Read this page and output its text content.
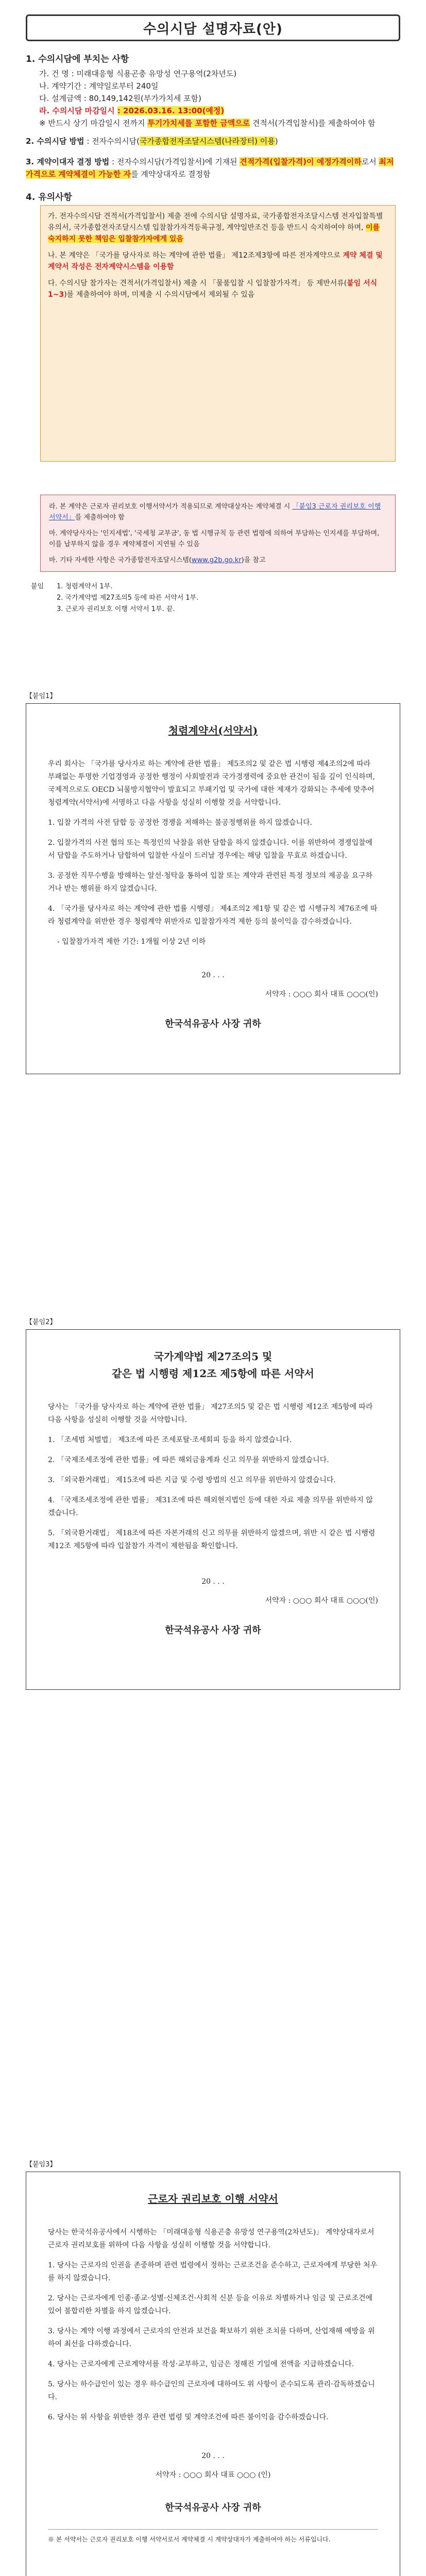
수의시담 설명자료(안)
1. 수의시담에 부치는 사항
가. 건 명 : 미래대응형 식용곤충 유망성 연구용역(2차년도)
나. 계약기간 : 계약일로부터 240일
다. 설계금액 : 80,149,142원(부가가치세 포함)
라. 수의시담 마감일시 : 2026.03.16. 13:00(예정)
※ 반드시 상기 마감일시 전까지 투기가치세를 포함한 금액으로 견적서(가격입찰서)를 제출하여야 함
2. 수의시담 방법 : 전자수의시담(국가종합전자조달시스템(나라장터) 이용)
3. 계약이대자 결정 방법 : 전자수의시담(가격입찰서)에 기재된 견적가격(입찰가격)이 예정가격이하로서 최저가격으로 계약체결이 가능한 자를 계약상대자로 결정함
4. 유의사항

가. 전자수의시담 견적서(가격입찰서) 제출 전에 수의시담 설명자료, 국가종합전자조달시스템 전자입찰특별유의서, 국가종합전자조달시스템 입찰참가자격등록규정, 계약일반조건 등을 반드시 숙지하여야 하며, 이를 숙지하지 못한 책임은 입찰참가자에게 있음

나. 본 계약은 「국가를 당사자로 하는 계약에 관한 법률」 제12조제3항에 따른 전자계약으로 계약 체결 및 계약서 작성은 전자계약시스템을 이용함

다. 수의시담 참가자는 견적서(가격입찰서) 제출 시 「물품입찰 시 입찰참가자격」 등 제반서류(붙임 서식 1~3)를 제출하여야 하며, 미제출 시 수의시담에서 제외될 수 있음

라. 본 계약은 근로자 권리보호 이행서약서가 적용되므로 계약대상자는 계약체결 시 「붙임3 근로자 권리보호 이행 서약서」를 제출하여야 함

마. 계약당사자는 '인지세법', '국세청 교부금', 동 법 시행규칙 등 관련 법령에 의하여 부담하는 인지세를 부담하며, 이를 납부하지 않을 경우 계약체결이 지연될 수 있음

바. 기타 자세한 사항은 국가종합전자조달시스템(www.g2b.go.kr)을 참고

붙임 1. 청렴계약서 1부.
2. 국가계약법 제27조의5 등에 따른 서약서 1부.
3. 근로자 권리보호 이행 서약서 1부. 끝.
【붙임1】
청렴계약서(서약서)

우리 회사는 「국가를 당사자로 하는 계약에 관한 법률」 제5조의2 및 같은 법 시행령 제4조의2에 따라 부패없는 투명한 기업경영과 공정한 행정이 사회발전과 국가경쟁력에 중요한 관건이 됨을 깊이 인식하며, 국제적으로도 OECD 뇌물방지협약이 발효되고 부패기업 및 국가에 대한 제재가 강화되는 추세에 맞추어 청렴계약(서약서)에 서명하고 다음 사항을 성실히 이행할 것을 서약합니다.

1. 입찰 가격의 사전 담합 등 공정한 경쟁을 저해하는 불공정행위를 하지 않겠습니다.

2. 입찰가격의 사전 협의 또는 특정인의 낙찰을 위한 담합을 하지 않겠습니다. 이를 위반하여 경쟁입찰에서 담합을 주도하거나 담합하여 입찰한 사실이 드러날 경우에는 해당 입찰을 무효로 하겠습니다.

3. 공정한 직무수행을 방해하는 알선·청탁을 통하여 입찰 또는 계약과 관련된 특정 정보의 제공을 요구하거나 받는 행위를 하지 않겠습니다.

4. 「국가를 당사자로 하는 계약에 관한 법률 시행령」 제4조의2 제1항 및 같은 법 시행규칙 제76조에 따라 청렴계약을 위반한 경우 청렴계약 위반자로 입찰참가자격 제한 등의 불이익을 감수하겠습니다.

- 입찰참가자격 제한 기간: 1개월 이상 2년 이하

20 . . .
서약자 : ○○○ 회사 대표 ○○○(인)
한국석유공사 사장 귀하
【붙임2】
국가계약법 제27조의5 및
같은 법 시행령 제12조 제5항에 따른 서약서

당사는 「국가를 당사자로 하는 계약에 관한 법률」 제27조의5 및 같은 법 시행령 제12조 제5항에 따라 다음 사항을 성실히 이행할 것을 서약합니다.

1. 「조세범 처벌법」 제3조에 따른 조세포탈·조세회피 등을 하지 않겠습니다.

2. 「국제조세조정에 관한 법률」에 따른 해외금융계좌 신고 의무를 위반하지 않겠습니다.

3. 「외국환거래법」 제15조에 따른 지급 및 수령 방법의 신고 의무를 위반하지 않겠습니다.

4. 「국제조세조정에 관한 법률」 제31조에 따른 해외현지법인 등에 대한 자료 제출 의무를 위반하지 않겠습니다.

5. 「외국환거래법」 제18조에 따른 자본거래의 신고 의무를 위반하지 않겠으며, 위반 시 같은 법 시행령 제12조 제5항에 따라 입찰참가 자격이 제한됨을 확인합니다.

20 . . .
서약자 : ○○○ 회사 대표 ○○○(인)
한국석유공사 사장 귀하
【붙임3】
근로자 권리보호 이행 서약서

당사는 한국석유공사에서 시행하는 「미래대응형 식용곤충 유망성 연구용역(2차년도)」 계약상대자로서 근로자 권리보호를 위하여 다음 사항을 성실히 이행할 것을 서약합니다.

1. 당사는 근로자의 인권을 존중하며 관련 법령에서 정하는 근로조건을 준수하고, 근로자에게 부당한 처우를 하지 않겠습니다.

2. 당사는 근로자에게 인종·종교·성별·신체조건·사회적 신분 등을 이유로 차별하거나 임금 및 근로조건에 있어 불합리한 차별을 하지 않겠습니다.

3. 당사는 계약 이행 과정에서 근로자의 안전과 보건을 확보하기 위한 조치를 다하며, 산업재해 예방을 위하여 최선을 다하겠습니다.

4. 당사는 근로자에게 근로계약서를 작성·교부하고, 임금은 정해진 기일에 전액을 지급하겠습니다.

5. 당사는 하수급인이 있는 경우 하수급인의 근로자에 대하여도 위 사항이 준수되도록 관리·감독하겠습니다.

6. 당사는 위 사항을 위반한 경우 관련 법령 및 계약조건에 따른 불이익을 감수하겠습니다.

20 . . .
서약자 : ○○○ 회사 대표 ○○○ (인)
한국석유공사 사장 귀하
※ 본 서약서는 근로자 권리보호 이행 서약서로서 계약체결 시 계약상대자가 제출하여야 하는 서류입니다.
